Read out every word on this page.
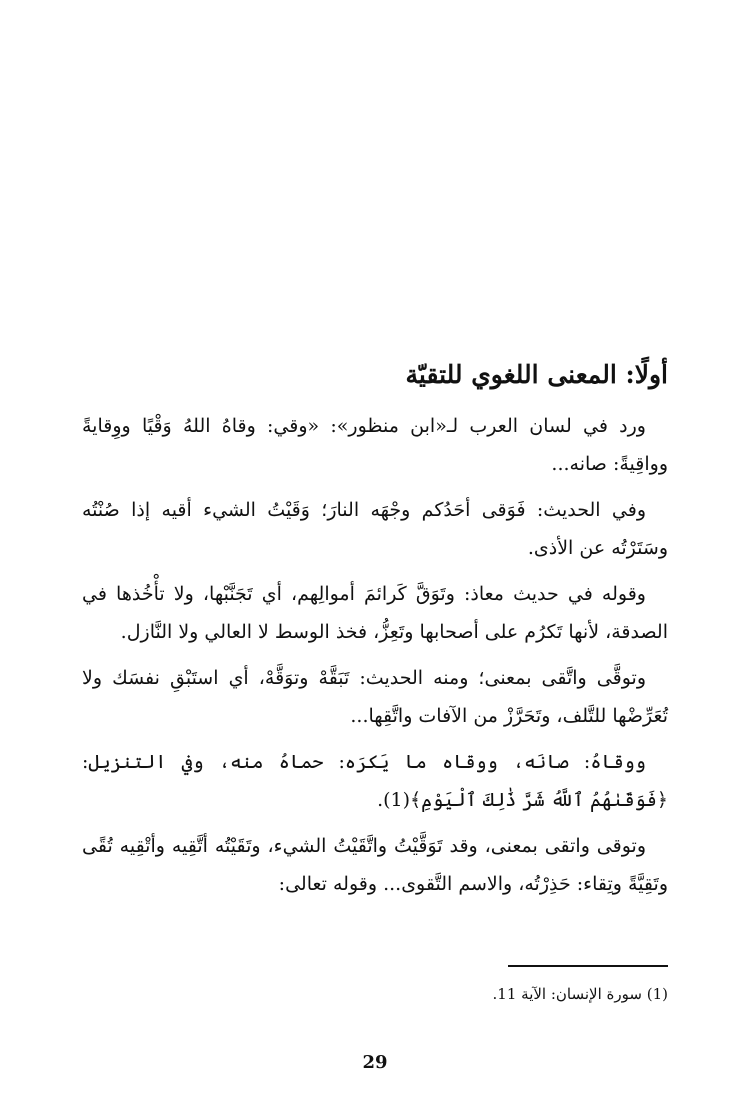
أولًا: المعنى اللغوي للتقيّة

ورد في لسان العرب لـ«ابن منظور»: «وقي: وقاهُ اللهُ وَقْيًا ووِقايةً وواقِيةً: صانه...

وفي الحديث: فَوَقى أحَدُكم وجْهَه النارَ؛ وَقَيْتُ الشيء أقيه إذا صُنْتُه وسَتَرْتُه عن الأذى.

وقوله في حديث معاذ: وتَوَقَّ كَرائمَ أموالِهم، أي تَجَنَّبْها، ولا تأْخُذها في الصدقة، لأنها تَكرُم على أصحابها وتَعِزُّ، فخذ الوسط لا العالي ولا النَّازل.

وتوقَّى واتَّقى بمعنى؛ ومنه الحديث: تَبَقَّهْ وتوَقَّهْ، أي استَبْقِ نفسَك ولا تُعَرِّضْها للتَّلف، وتَحَرَّزْ من الآفات واتَّقِها...

ووقاهُ: صانَه، ووقاه ما يَكرَه: حماهُ منه، وفي التنزيل: ﴿فَوَقَىٰهُمُ ٱللَّهُ شَرَّ ذَٰلِكَ ٱلْيَوْمِ﴾(1).

وتوقى واتقى بمعنى، وقد تَوَقَّيْتُ واتَّقَيْتُ الشيء، وتَقَيْتُه أتَّقِيه وأتْقِيه تُقًى وتَقِيَّةً وتِقاء: حَذِرْتُه، والاسم التَّقوى... وقوله تعالى:

(1) سورة الإنسان: الآية 11.

29
